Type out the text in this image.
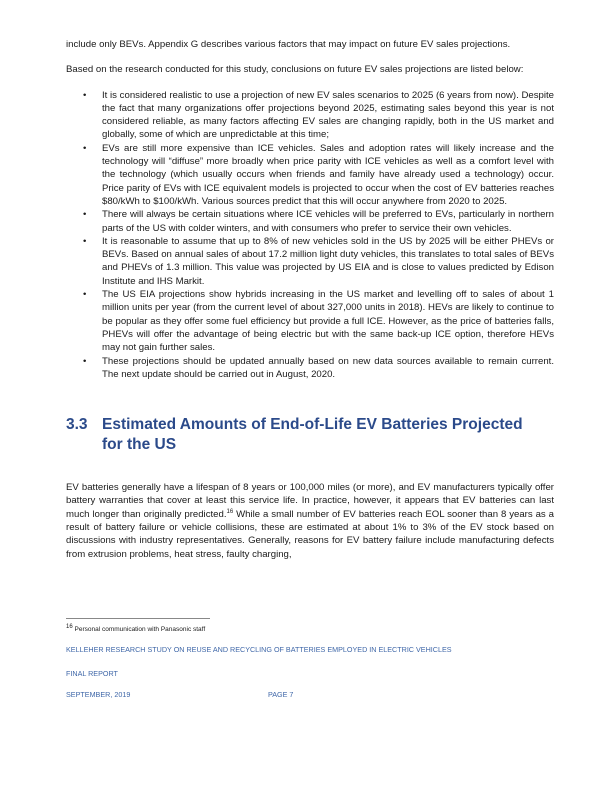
include only BEVs. Appendix G describes various factors that may impact on future EV sales projections.

Based on the research conducted for this study, conclusions on future EV sales projections are listed below:

• It is considered realistic to use a projection of new EV sales scenarios to 2025 (6 years from now). Despite the fact that many organizations offer projections beyond 2025, estimating sales beyond this year is not considered reliable, as many factors affecting EV sales are changing rapidly, both in the US market and globally, some of which are unpredictable at this time;
• EVs are still more expensive than ICE vehicles. Sales and adoption rates will likely increase and the technology will “diffuse” more broadly when price parity with ICE vehicles as well as a comfort level with the technology (which usually occurs when friends and family have already used a technology) occur. Price parity of EVs with ICE equivalent models is projected to occur when the cost of EV batteries reaches $80/kWh to $100/kWh. Various sources predict that this will occur anywhere from 2020 to 2025.
• There will always be certain situations where ICE vehicles will be preferred to EVs, particularly in northern parts of the US with colder winters, and with consumers who prefer to service their own vehicles.
• It is reasonable to assume that up to 8% of new vehicles sold in the US by 2025 will be either PHEVs or BEVs. Based on annual sales of about 17.2 million light duty vehicles, this translates to total sales of BEVs and PHEVs of 1.3 million. This value was projected by US EIA and is close to values predicted by Edison Institute and IHS Markit.
• The US EIA projections show hybrids increasing in the US market and levelling off to sales of about 1 million units per year (from the current level of about 327,000 units in 2018). HEVs are likely to continue to be popular as they offer some fuel efficiency but provide a full ICE. However, as the price of batteries falls, PHEVs will offer the advantage of being electric but with the same back-up ICE option, therefore HEVs may not gain further sales.
• These projections should be updated annually based on new data sources available to remain current. The next update should be carried out in August, 2020.
3.3 Estimated Amounts of End-of-Life EV Batteries Projected for the US

EV batteries generally have a lifespan of 8 years or 100,000 miles (or more), and EV manufacturers typically offer battery warranties that cover at least this service life. In practice, however, it appears that EV batteries can last much longer than originally predicted.$^{16}$ While a small number of EV batteries reach EOL sooner than 8 years as a result of battery failure or vehicle collisions, these are estimated at about 1% to 3% of the EV stock based on discussions with industry representatives. Generally, reasons for EV battery failure include manufacturing defects from extrusion problems, heat stress, faulty charging,

$^{16}$ Personal communication with Panasonic staff
KELLEHER RESEARCH STUDY ON REUSE AND RECYCLING OF BATTERIES EMPLOYED IN ELECTRIC VEHICLES
FINAL REPORT
SEPTEMBER, 2019	PAGE 7
